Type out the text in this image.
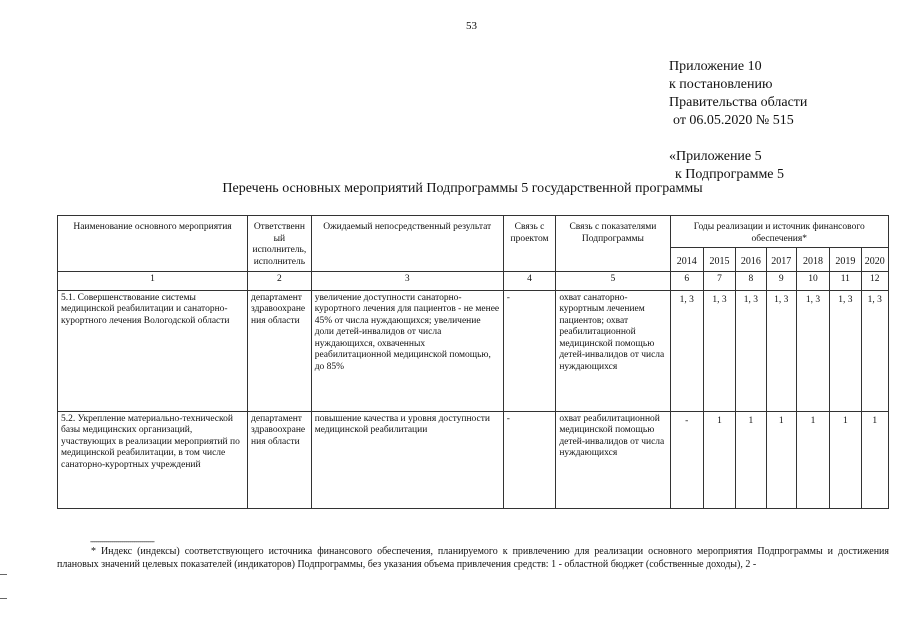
53
Приложение 10
к постановлению
Правительства области
от 06.05.2020 № 515
«Приложение 5
к Подпрограмме 5
Перечень основных мероприятий Подпрограммы 5 государственной программы
Наименование основного мероприятия	Ответственн ый исполнитель, исполнитель	Ожидаемый непосредственный результат	Связь с проектом	Связь с показателями Подпрограммы	Годы реализации и источник финансового обеспечения*						
					2014	2015	2016	2017	2018	2019	2020
1	2	3	4	5	6	7	8	9	10	11	12
5.1. Совершенствование системы медицинской реабилитации и санаторно-курортного лечения Вологодской области	департамент здравоохране ния области	увеличение доступности санаторно-курортного лечения для пациентов - не менее 45% от числа нуждающихся; увеличение доли детей-инвалидов от числа нуждающихся, охваченных реабилитационной медицинской помощью, до 85%	-	охват санаторно-курортным лечением пациентов; охват реабилитационной медицинской помощью детей-инвалидов от числа нуждающихся	1, 3	1, 3	1, 3	1, 3	1, 3	1, 3	1, 3
5.2. Укрепление материально-технической базы медицинских организаций, участвующих в реализации мероприятий по медицинской реабилитации, в том числе санаторно-курортных учреждений	департамент здравоохране ния области	повышение качества и уровня доступности медицинской реабилитации	-	охват реабилитационной медицинской помощью детей-инвалидов от числа нуждающихся	-	1	1	1	1	1	1
--------------------------------

* Индекс (индексы) соответствующего источника финансового обеспечения, планируемого к привлечению для реализации основного мероприятия Подпрограммы и достижения плановых значений целевых показателей (индикаторов) Подпрограммы, без указания объема привлечения средств: 1 - областной бюджет (собственные доходы), 2 -
